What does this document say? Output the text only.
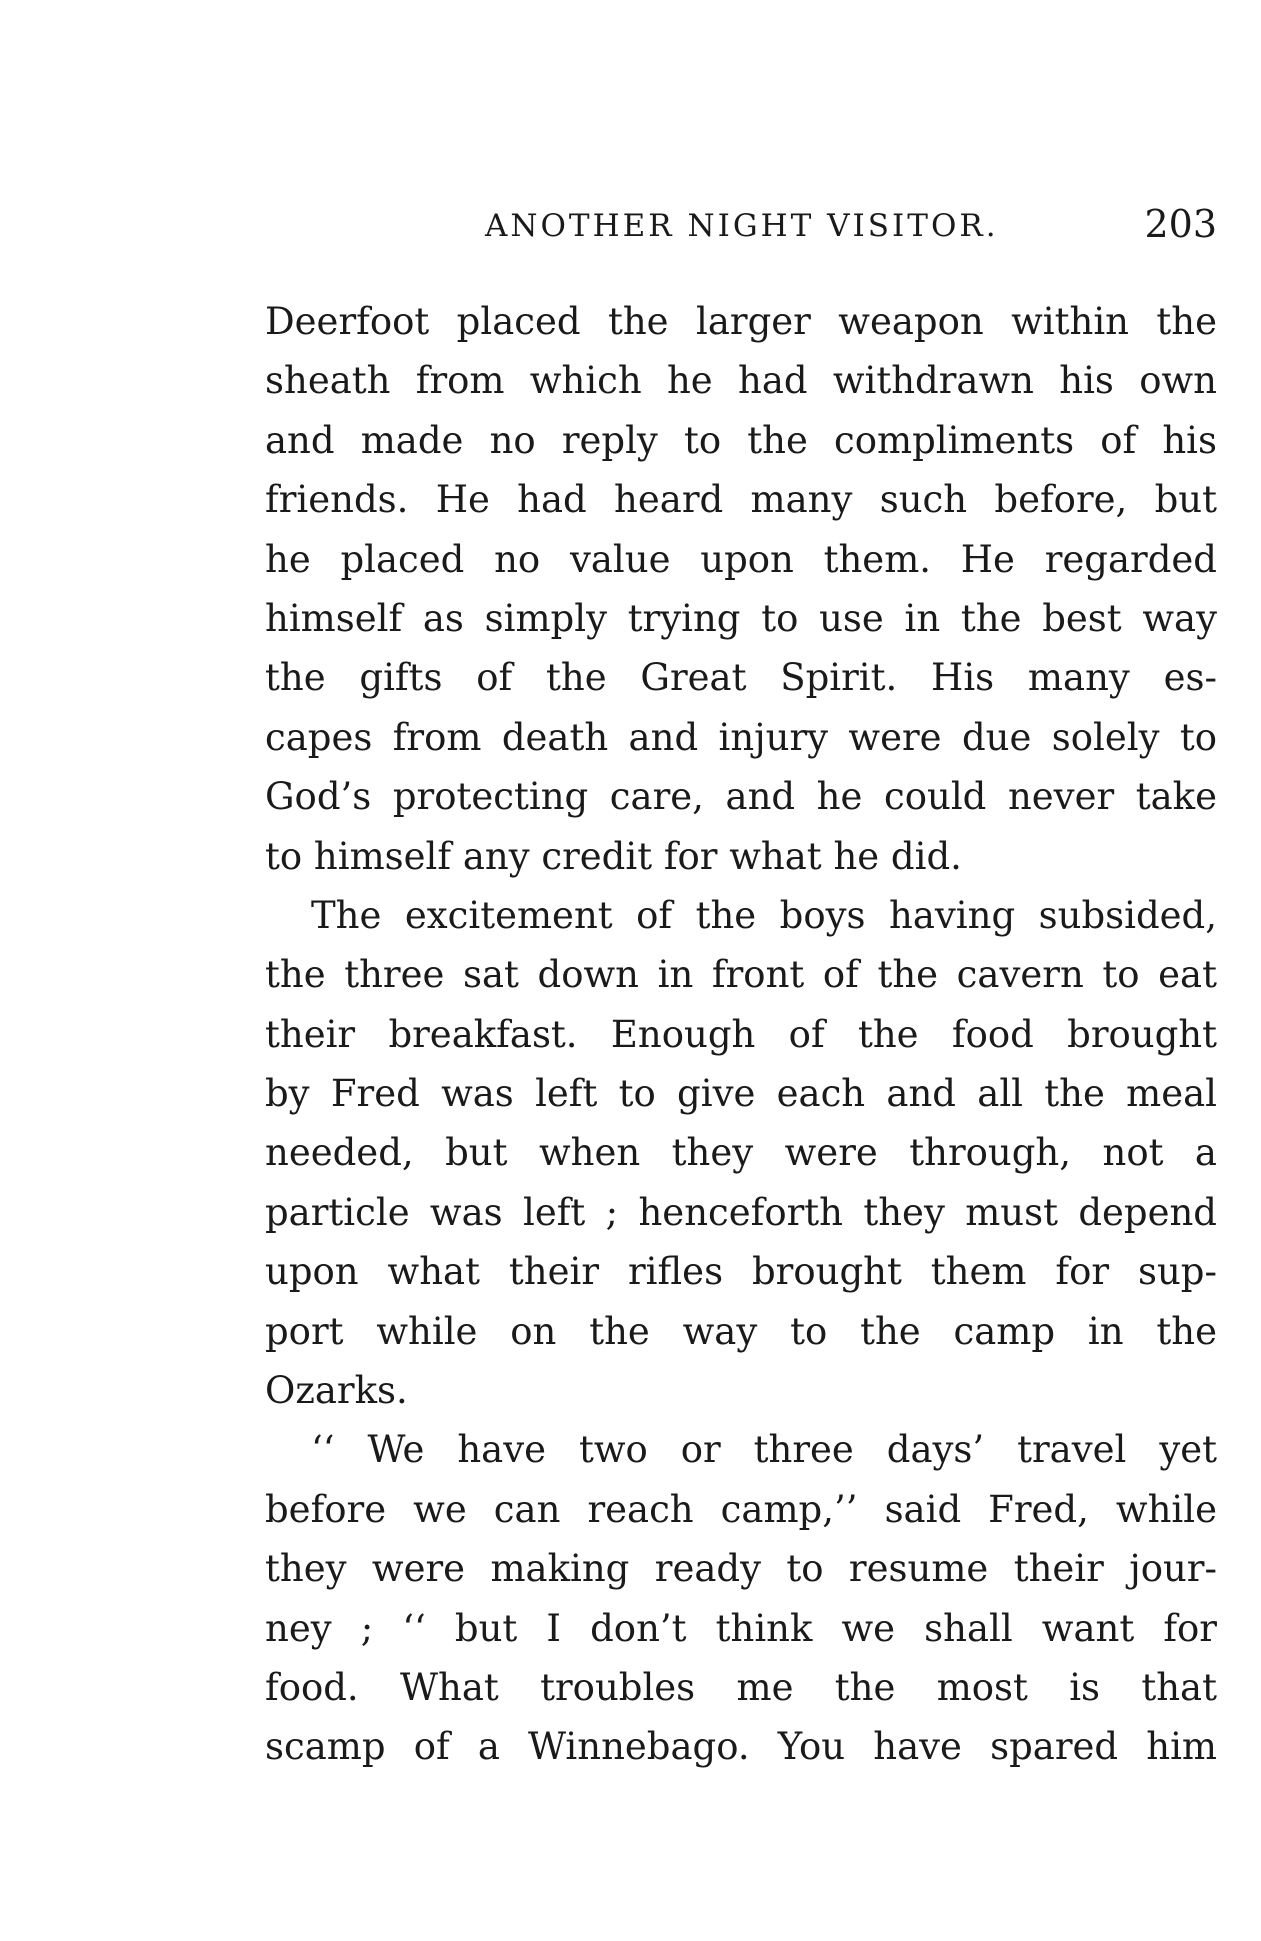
ANOTHER NIGHT VISITOR.	203
Deerfoot placed the larger weapon within the
sheath from which he had withdrawn his own
and made no reply to the compliments of his
friends. He had heard many such before, but
he placed no value upon them. He regarded
himself as simply trying to use in the best way
the gifts of the Great Spirit. His many es-
capes from death and injury were due solely to
God’s protecting care, and he could never take
to himself any credit for what he did.
The excitement of the boys having subsided,
the three sat down in front of the cavern to eat
their breakfast. Enough of the food brought
by Fred was left to give each and all the meal
needed, but when they were through, not a
particle was left ; henceforth they must depend
upon what their rifles brought them for sup-
port while on the way to the camp in the
Ozarks.
‘‘ We have two or three days’ travel yet
before we can reach camp,’’ said Fred, while
they were making ready to resume their jour-
ney ; ‘‘ but I don’t think we shall want for
food. What troubles me the most is that
scamp of a Winnebago. You have spared him
